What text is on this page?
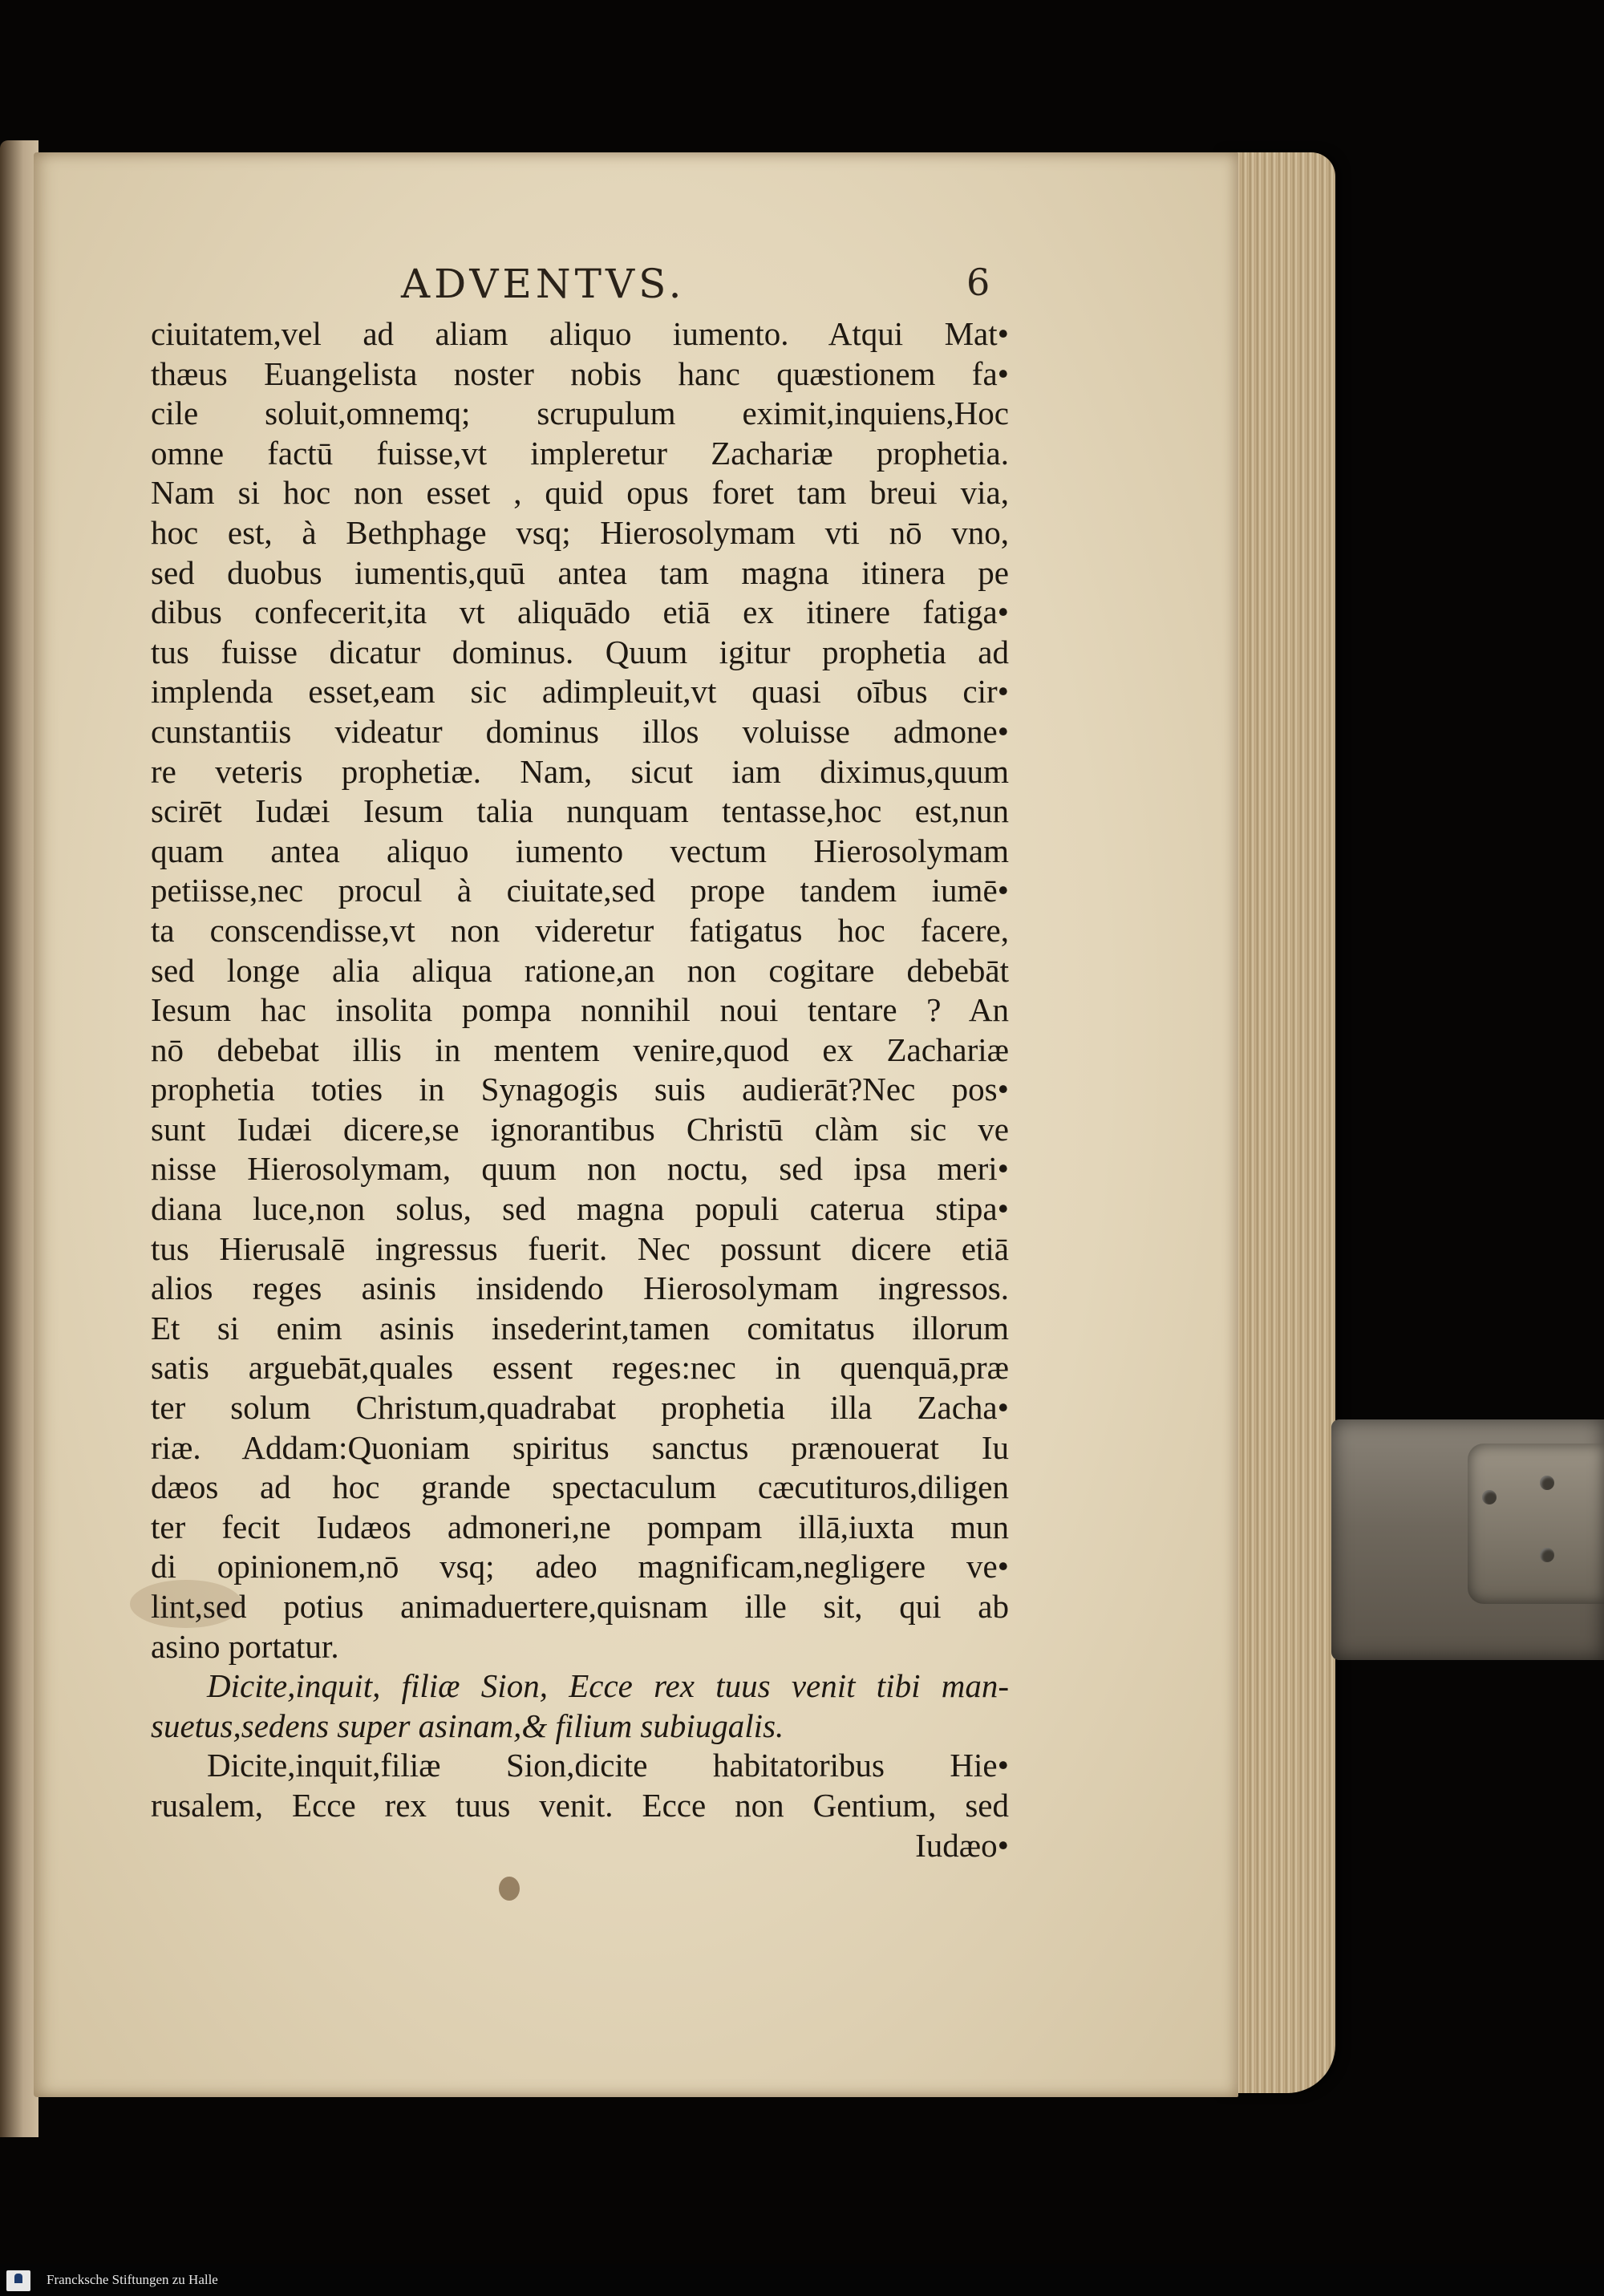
ADVENTVS.	6
ciuitatem,vel ad aliam aliquo iumento. Atqui Mat•
thæus Euangelista noster nobis hanc quæstionem fa•
cile soluit,omnemq; scrupulum eximit,inquiens,Hoc
omne factū fuisse,vt impleretur Zachariæ prophetia.
Nam si hoc non esset , quid opus foret tam breui via,
hoc est, à Bethphage vsq; Hierosolymam vti nō vno,
sed duobus iumentis,quū antea tam magna itinera pe
dibus confecerit,ita vt aliquādo etiā ex itinere fatiga•
tus fuisse dicatur dominus. Quum igitur prophetia ad
implenda esset,eam sic adimpleuit,vt quasi oībus cir•
cunstantiis videatur dominus illos voluisse admone•
re veteris prophetiæ. Nam, sicut iam diximus,quum
scirēt Iudæi Iesum talia nunquam tentasse,hoc est,nun
quam antea aliquo iumento vectum Hierosolymam
petiisse,nec procul à ciuitate,sed prope tandem iumē•
ta conscendisse,vt non videretur fatigatus hoc facere,
sed longe alia aliqua ratione,an non cogitare debebāt
Iesum hac insolita pompa nonnihil noui tentare ? An
nō debebat illis in mentem venire,quod ex Zachariæ
prophetia toties in Synagogis suis audierāt?Nec pos•
sunt Iudæi dicere,se ignorantibus Christū clàm sic ve
nisse Hierosolymam, quum non noctu, sed ipsa meri•
diana luce,non solus, sed magna populi caterua stipa•
tus Hierusalē ingressus fuerit. Nec possunt dicere etiā
alios reges asinis insidendo Hierosolymam ingressos.
Et si enim asinis insederint,tamen comitatus illorum
satis arguebāt,quales essent reges:nec in quenquā,præ
ter solum Christum,quadrabat prophetia illa Zacha•
riæ. Addam:Quoniam spiritus sanctus prænouerat Iu
dæos ad hoc grande spectaculum cæcutituros,diligen
ter fecit Iudæos admoneri,ne pompam illā,iuxta mun
di opinionem,nō vsq; adeo magnificam,negligere ve•
lint,sed potius animaduertere,quisnam ille sit, qui ab
asino portatur.
Dicite,inquit, filiæ Sion, Ecce rex tuus venit tibi man-
suetus,sedens super asinam,& filium subiugalis.
Dicite,inquit,filiæ Sion,dicite habitatoribus Hie•
rusalem, Ecce rex tuus venit. Ecce non Gentium, sed
Iudæo•
Francksche Stiftungen zu Halle
